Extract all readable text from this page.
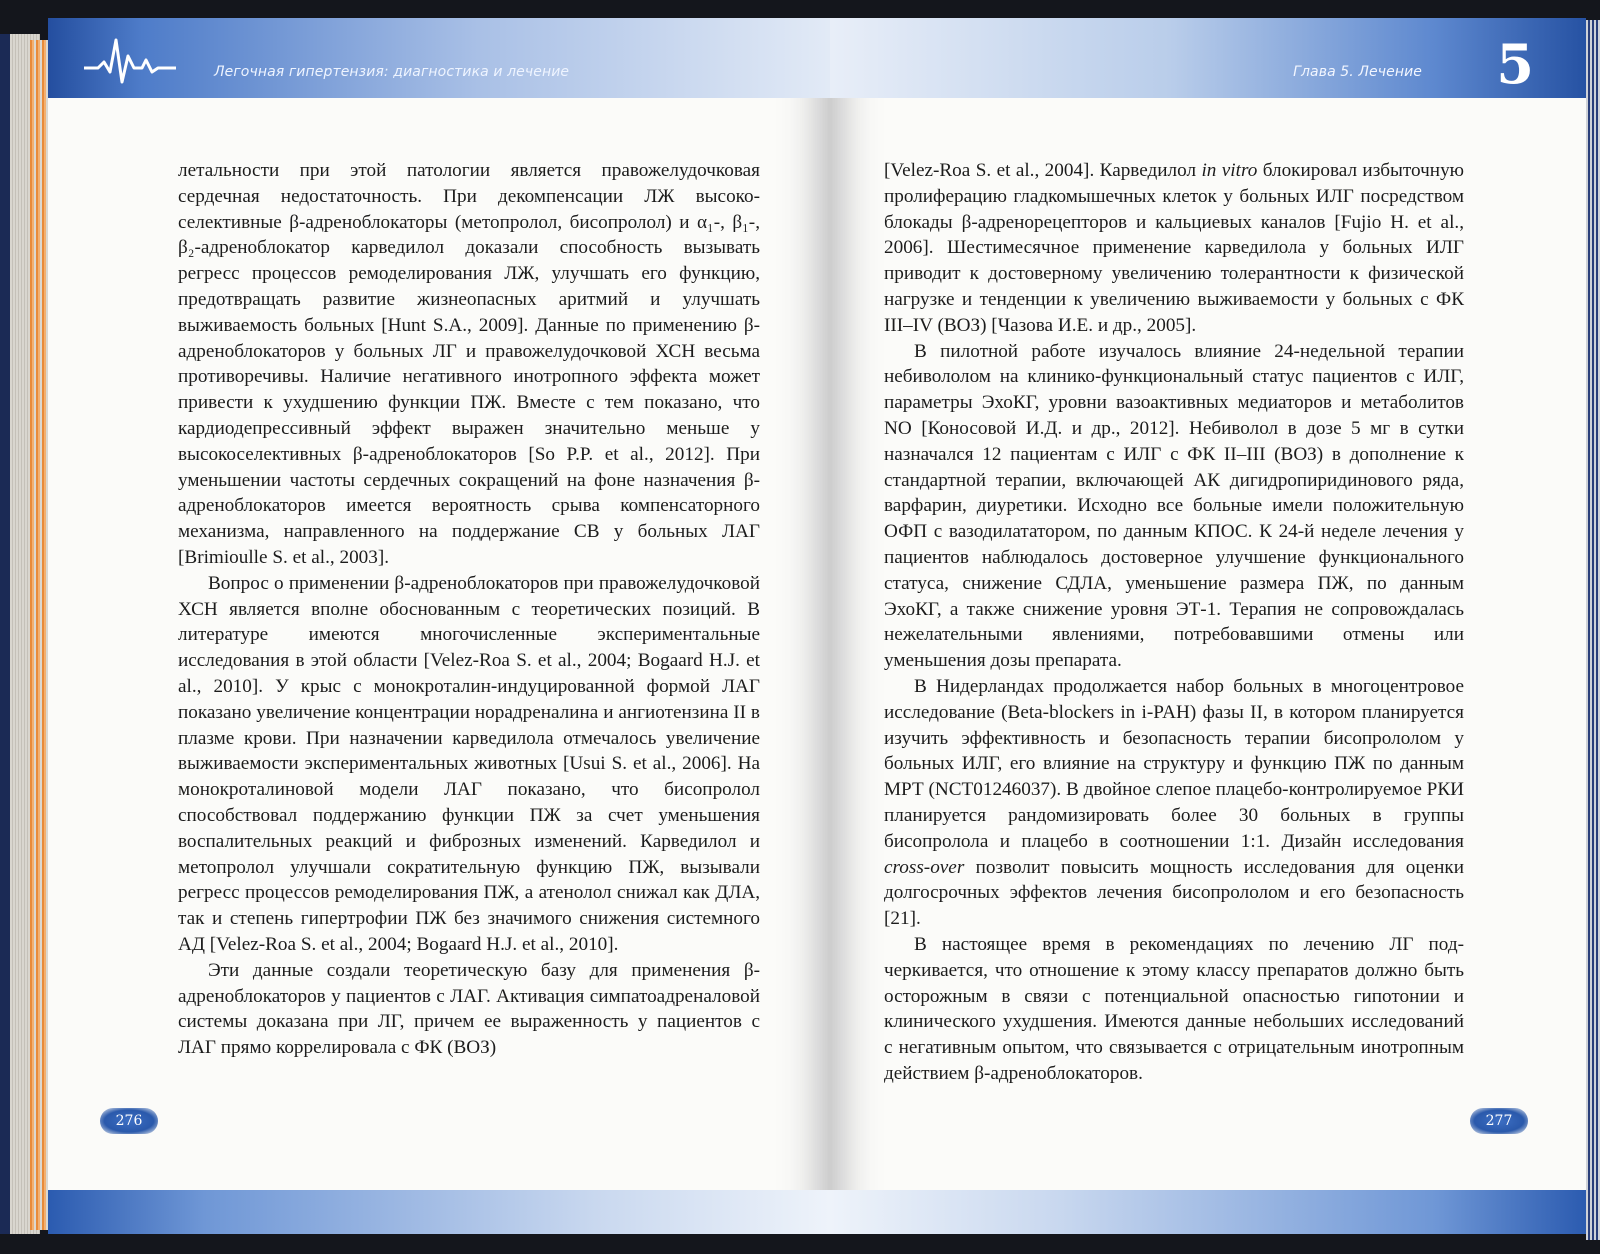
Легочная гипертензия: диагностика и лечение

летальности при этой патологии является правожелудочковая сердечная недостаточность. При декомпенсации ЛЖ высокоселективные β-адреноблокаторы (метопролол, бисопролол) и α₁-, β₁-, β₂-адреноблокатор карведилол доказали способность вызывать регресс процессов ремоделирования ЛЖ, улучшать его функцию, предотвращать развитие жизнеопасных аритмий и улучшать выживаемость больных [Hunt S.A., 2009]. Данные по применению β-адреноблокаторов у больных ЛГ и правожелудочковой ХСН весьма противоречивы. Наличие негативного инотропного эффекта может привести к ухудшению функции ПЖ. Вместе с тем показано, что кардиодепрессивный эффект выражен значительно меньше у высокоселективных β-адреноблокаторов [So P.P. et al., 2012]. При уменьшении частоты сердечных сокращений на фоне назначения β-адреноблокаторов имеется вероятность срыва компенсаторного механизма, направленного на поддержание СВ у больных ЛАГ [Brimioulle S. et al., 2003].

Вопрос о применении β-адреноблокаторов при правожелудочковой ХСН является вполне обоснованным с теоретических позиций. В литературе имеются многочисленные экспериментальные исследования в этой области [Velez-Roa S. et al., 2004; Bogaard H.J. et al., 2010]. У крыс с монокроталин-индуцированной формой ЛАГ показано увеличение концентрации норадреналина и ангиотензина II в плазме крови. При назначении карведилола отмечалось увеличение выживаемости экспериментальных животных [Usui S. et al., 2006]. На монокроталиновой модели ЛАГ показано, что бисопролол способствовал поддержанию функции ПЖ за счет уменьшения воспалительных реакций и фиброзных изменений. Карведилол и метопролол улучшали сократительную функцию ПЖ, вызывали регресс процессов ремоделирования ПЖ, а атенолол снижал как ДЛА, так и степень гипертрофии ПЖ без значимого снижения системного АД [Velez-Roa S. et al., 2004; Bogaard H.J. et al., 2010].

Эти данные создали теоретическую базу для применения β-адреноблокаторов у пациентов с ЛАГ. Активация симпатоадреналовой системы доказана при ЛГ, причем ее выраженность у пациентов с ЛАГ прямо коррелировала с ФК (ВОЗ)

276
Глава 5. Лечение 5

[Velez-Roa S. et al., 2004]. Карведилол in vitro блокировал избыточную пролиферацию гладкомышечных клеток у больных ИЛГ посредством блокады β-адренорецепторов и кальциевых каналов [Fujio H. et al., 2006]. Шестимесячное применение карведилола у больных ИЛГ приводит к достоверному увеличению толерантности к физической нагрузке и тенденции к увеличению выживаемости у больных с ФК III–IV (ВОЗ) [Чазова И.Е. и др., 2005].

В пилотной работе изучалось влияние 24-недельной терапии небивололом на клинико-функциональный статус пациентов с ИЛГ, параметры ЭхоКГ, уровни вазоактивных медиаторов и метаболитов NO [Коносовой И.Д. и др., 2012]. Небиволол в дозе 5 мг в сутки назначался 12 пациентам с ИЛГ с ФК II–III (ВОЗ) в дополнение к стандартной терапии, включающей АК дигидропиридинового ряда, варфарин, диуретики. Исходно все больные имели положительную ОФП с вазодилататором, по данным КПОС. К 24-й неделе лечения у пациентов наблюдалось достоверное улучшение функционального статуса, снижение СДЛА, уменьшение размера ПЖ, по данным ЭхоКГ, а также снижение уровня ЭТ-1. Терапия не сопровождалась нежелательными явлениями, потребовавшими отмены или уменьшения дозы препарата.

В Нидерландах продолжается набор больных в многоцентровое исследование (Beta-blockers in i-PAH) фазы II, в котором планируется изучить эффективность и безопасность терапии бисопрололом у больных ИЛГ, его влияние на структуру и функцию ПЖ по данным МРТ (NCT01246037). В двойное слепое плацебо-контролируемое РКИ планируется рандомизировать более 30 больных в группы бисопролола и плацебо в соотношении 1:1. Дизайн исследования cross-over позволит повысить мощность исследования для оценки долгосрочных эффектов лечения бисопрололом и его безопасность [21].

В настоящее время в рекомендациях по лечению ЛГ подчеркивается, что отношение к этому классу препаратов должно быть осторожным в связи с потенциальной опасностью гипотонии и клинического ухудшения. Имеются данные небольших исследований с негативным опытом, что связывается с отрицательным инотропным действием β-адреноблокаторов.

277
